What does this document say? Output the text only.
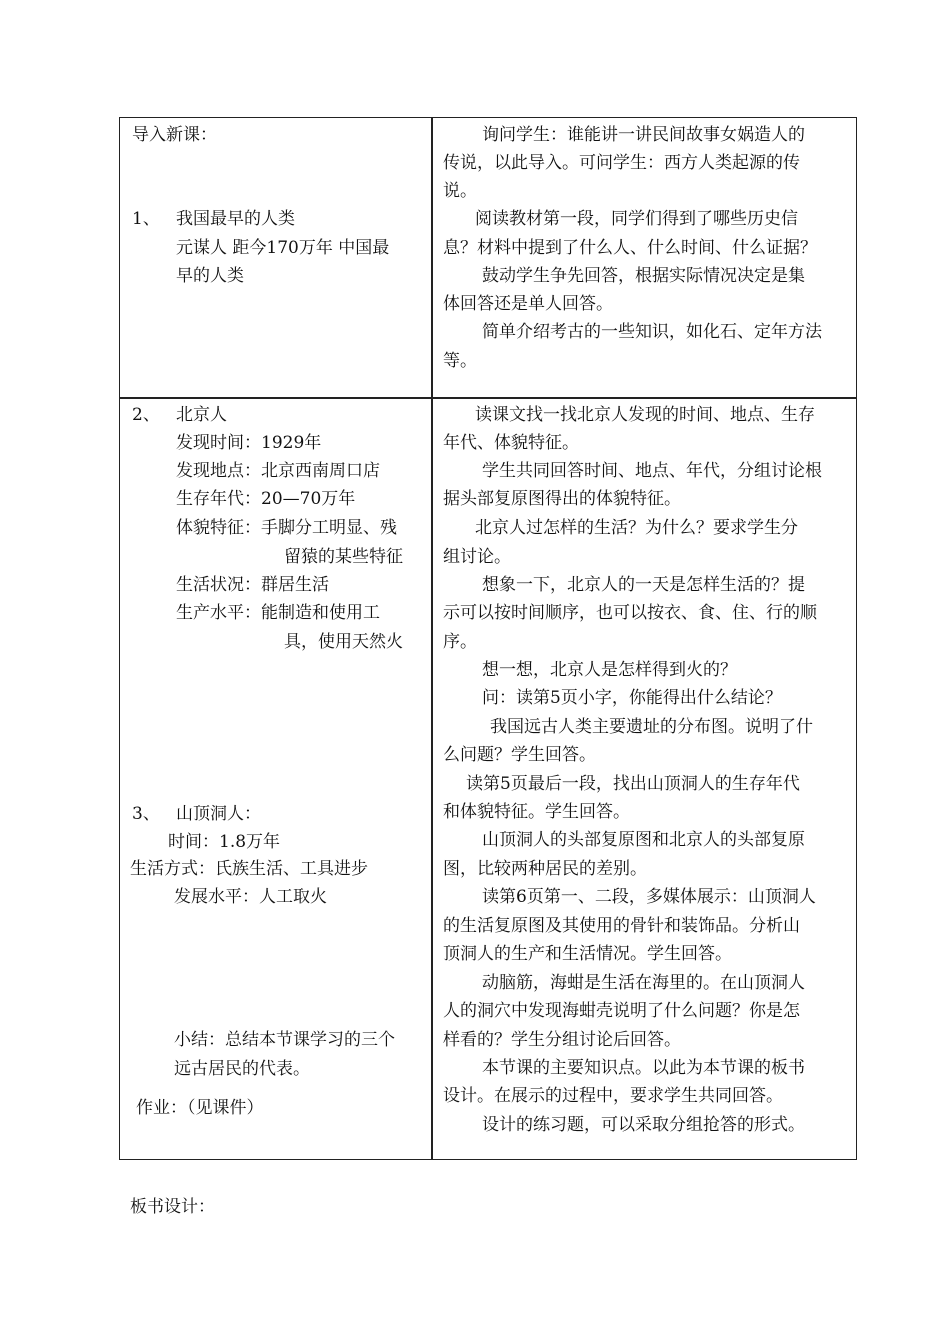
导入新课：
1、 我国最早的人类
元谋人 距今170万年 中国最
早的人类
2、 北京人
发现时间：1929年
发现地点：北京西南周口店
生存年代：20—70万年
体貌特征：手脚分工明显、残
留猿的某些特征
生活状况：群居生活
生产水平：能制造和使用工
具，使用天然火
3、 山顶洞人：
时间：1.8万年
生活方式：氏族生活、工具进步
发展水平：人工取火
小结：总结本节课学习的三个
远古居民的代表。
作业：（见课件）
询问学生：谁能讲一讲民间故事女娲造人的
传说，以此导入。可问学生：西方人类起源的传
说。
阅读教材第一段，同学们得到了哪些历史信
息？材料中提到了什么人、什么时间、什么证据？
鼓动学生争先回答，根据实际情况决定是集
体回答还是单人回答。
简单介绍考古的一些知识，如化石、定年方法
等。
读课文找一找北京人发现的时间、地点、生存
年代、体貌特征。
学生共同回答时间、地点、年代，分组讨论根
据头部复原图得出的体貌特征。
北京人过怎样的生活？为什么？要求学生分
组讨论。
想象一下，北京人的一天是怎样生活的？提
示可以按时间顺序，也可以按衣、食、住、行的顺
序。
想一想，北京人是怎样得到火的？
问：读第5页小字，你能得出什么结论？
我国远古人类主要遗址的分布图。说明了什
么问题？学生回答。
读第5页最后一段，找出山顶洞人的生存年代
和体貌特征。学生回答。
山顶洞人的头部复原图和北京人的头部复原
图，比较两种居民的差别。
读第6页第一、二段，多媒体展示：山顶洞人
的生活复原图及其使用的骨针和装饰品。分析山
顶洞人的生产和生活情况。学生回答。
动脑筋，海蚶是生活在海里的。在山顶洞人
人的洞穴中发现海蚶壳说明了什么问题？你是怎
样看的？学生分组讨论后回答。
本节课的主要知识点。以此为本节课的板书
设计。在展示的过程中，要求学生共同回答。
设计的练习题，可以采取分组抢答的形式。
板书设计：
